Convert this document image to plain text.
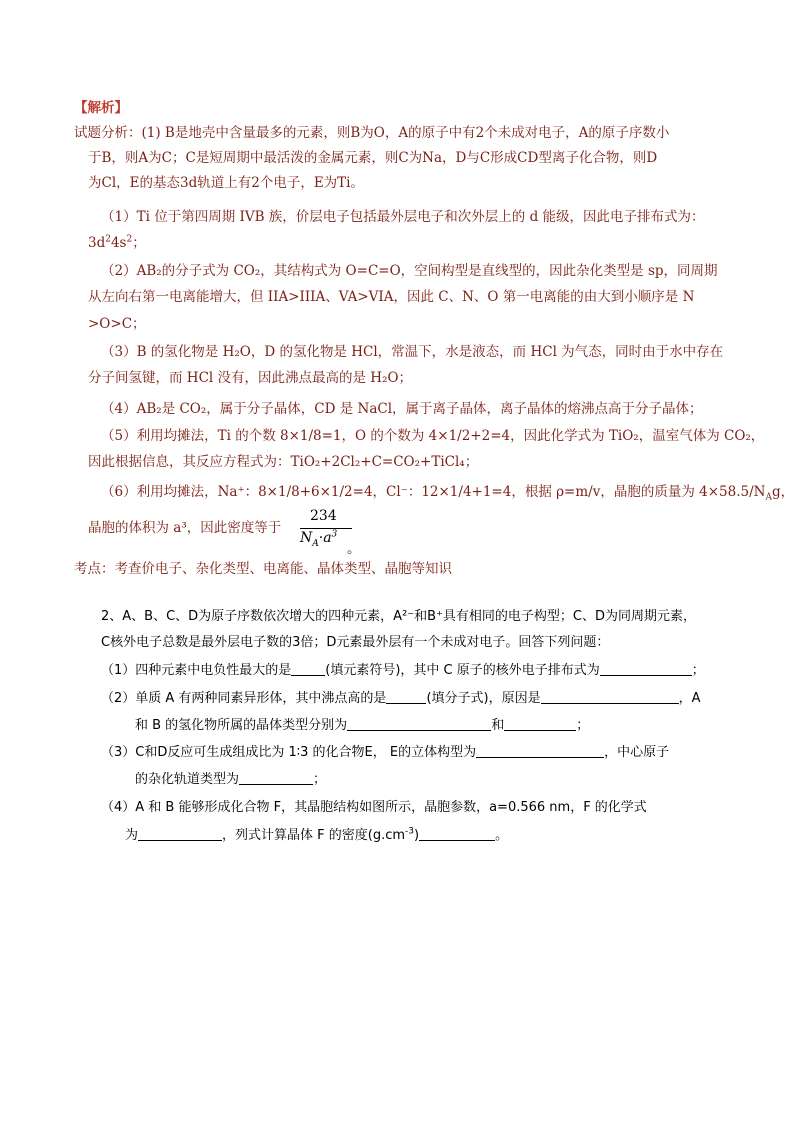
【解析】
试题分析：(1) B是地壳中含量最多的元素，则B为O，A的原子中有2个未成对电子，A的原子序数小
于B，则A为C；C是短周期中最活泼的金属元素，则C为Na，D与C形成CD型离子化合物，则D
为Cl，E的基态3d轨道上有2个电子，E为Ti。
（1）Ti 位于第四周期 IVB 族，价层电子包括最外层电子和次外层上的 d 能级，因此电子排布式为：
$3d^24s^2$；
（2）AB₂的分子式为 CO₂，其结构式为 O=C=O，空间构型是直线型的，因此杂化类型是 sp，同周期
从左向右第一电离能增大，但 IIA>IIIA、VA>VIA，因此 C、N、O 第一电离能的由大到小顺序是 N
>O>C；
（3）B 的氢化物是 H₂O，D 的氢化物是 HCl，常温下，水是液态，而 HCl 为气态，同时由于水中存在
分子间氢键，而 HCl 没有，因此沸点最高的是 H₂O；
（4）AB₂是 CO₂，属于分子晶体，CD 是 NaCl，属于离子晶体，离子晶体的熔沸点高于分子晶体；
（5）利用均摊法，Ti 的个数 8×1/8=1，O 的个数为 4×1/2+2=4，因此化学式为 TiO₂，温室气体为 CO₂，
因此根据信息，其反应方程式为：TiO₂+2Cl₂+C=CO₂+TiCl₄；
（6）利用均摊法，Na⁺：8×1/8+6×1/2=4，Cl⁻：12×1/4+1=4，根据 ρ=m/v，晶胞的质量为 $4\times 58.5/N_Ag$，
晶胞的体积为 a³，因此密度等于
234
$N_A\cdot a^3$
。
考点：考查价电子、杂化类型、电离能、晶体类型、晶胞等知识
2、A、B、C、D为原子序数依次增大的四种元素，A²⁻和B⁺具有相同的电子构型；C、D为同周期元素，
C核外电子总数是最外层电子数的3倍；D元素最外层有一个未成对电子。回答下列问题：
（1）四种元素中电负性最大的是	(填元素符号)，其中 C 原子的核外电子排布式为	；
（2）单质 A 有两种同素异形体，其中沸点高的是	(填分子式)，原因是	，A
和 B 的氢化物所属的晶体类型分别为	和	；
（3）C和D反应可生成组成比为 1∶3 的化合物E， E的立体构型为	，中心原子
的杂化轨道类型为	；
（4）A 和 B 能够形成化合物 F，其晶胞结构如图所示，晶胞参数，a=0.566 nm，F 的化学式
为	，列式计算晶体 F 的密度$(g.cm^{-3})$	。
